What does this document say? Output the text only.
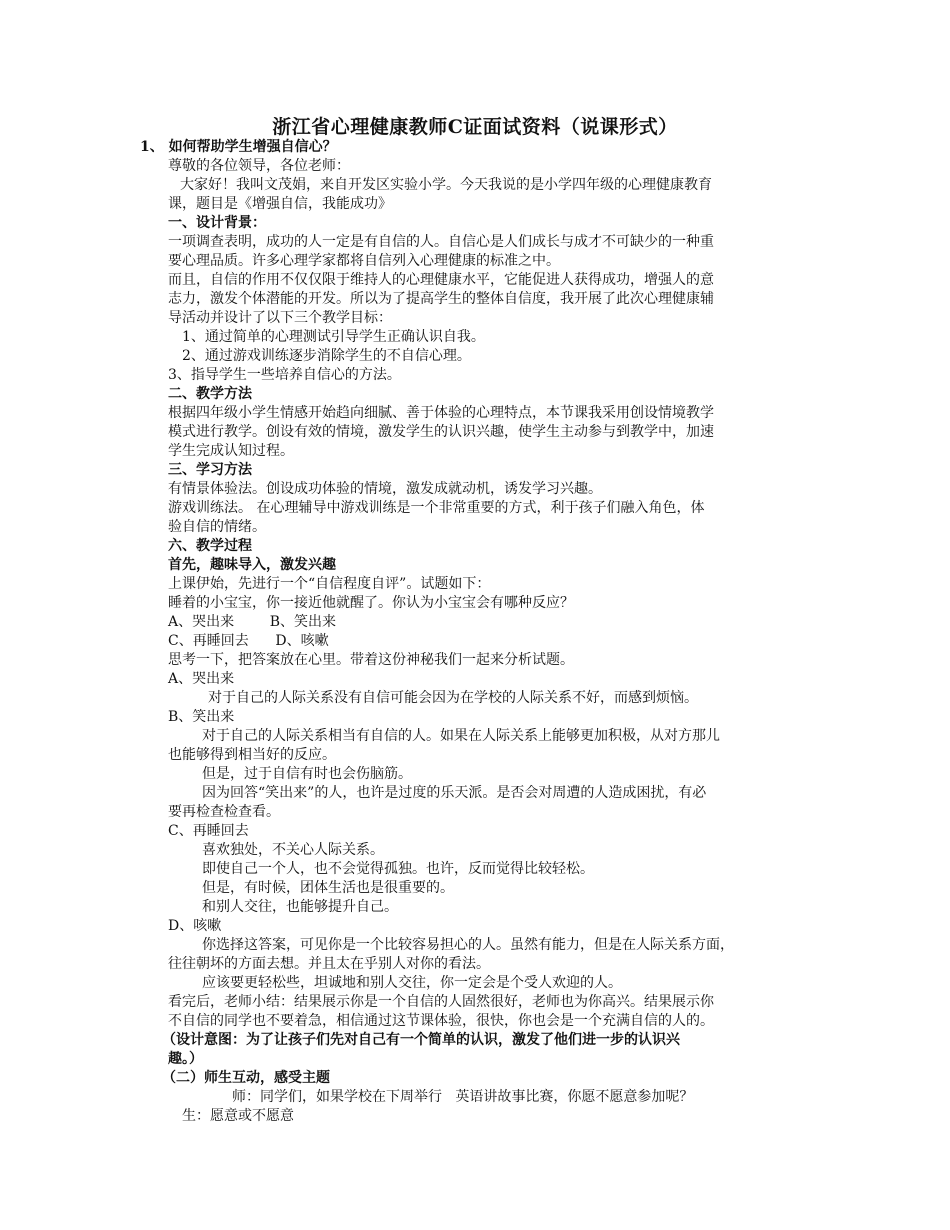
浙江省心理健康教师C证面试资料（说课形式）
1、 如何帮助学生增强自信心？
尊敬的各位领导，各位老师：
大家好！我叫文茂娟，来自开发区实验小学。今天我说的是小学四年级的心理健康教育
课，题目是《增强自信，我能成功》
一、设计背景：
一项调查表明，成功的人一定是有自信的人。自信心是人们成长与成才不可缺少的一种重
要心理品质。许多心理学家都将自信列入心理健康的标准之中。
而且，自信的作用不仅仅限于维持人的心理健康水平，它能促进人获得成功，增强人的意
志力，激发个体潜能的开发。所以为了提高学生的整体自信度，我开展了此次心理健康辅
导活动并设计了以下三个教学目标：
1、通过简单的心理测试引导学生正确认识自我。
2、通过游戏训练逐步消除学生的不自信心理。
3、指导学生一些培养自信心的方法。
二、教学方法
根据四年级小学生情感开始趋向细腻、善于体验的心理特点，本节课我采用创设情境教学
模式进行教学。创设有效的情境，激发学生的认识兴趣，使学生主动参与到教学中，加速
学生完成认知过程。
三、学习方法
有情景体验法。创设成功体验的情境，激发成就动机，诱发学习兴趣。
游戏训练法。 在心理辅导中游戏训练是一个非常重要的方式，利于孩子们融入角色，体
验自信的情绪。
六、教学过程
首先，趣味导入，激发兴趣
上课伊始，先进行一个“自信程度自评”。试题如下：
睡着的小宝宝，你一接近他就醒了。你认为小宝宝会有哪种反应？
A、哭出来        B、笑出来
C、再睡回去      D、咳嗽
思考一下，把答案放在心里。带着这份神秘我们一起来分析试题。
A、哭出来
对于自己的人际关系没有自信可能会因为在学校的人际关系不好，而感到烦恼。
B、笑出来
对于自己的人际关系相当有自信的人。如果在人际关系上能够更加积极，从对方那儿
也能够得到相当好的反应。
但是，过于自信有时也会伤脑筋。
因为回答“笑出来”的人，也许是过度的乐天派。是否会对周遭的人造成困扰，有必
要再检查检查看。
C、再睡回去
喜欢独处，不关心人际关系。
即使自己一个人，也不会觉得孤独。也许，反而觉得比较轻松。
但是，有时候，团体生活也是很重要的。
和别人交往，也能够提升自己。
D、咳嗽
你选择这答案，可见你是一个比较容易担心的人。虽然有能力，但是在人际关系方面，
往往朝坏的方面去想。并且太在乎别人对你的看法。
应该要更轻松些，坦诚地和别人交往，你一定会是个受人欢迎的人。
看完后，老师小结：结果展示你是一个自信的人固然很好，老师也为你高兴。结果展示你
不自信的同学也不要着急，相信通过这节课体验，很快，你也会是一个充满自信的人的。
（设计意图：为了让孩子们先对自己有一个简单的认识，激发了他们进一步的认识兴
趣。）
（二）师生互动，感受主题
师：同学们，如果学校在下周举行   英语讲故事比赛，你愿不愿意参加呢？
生：愿意或不愿意
